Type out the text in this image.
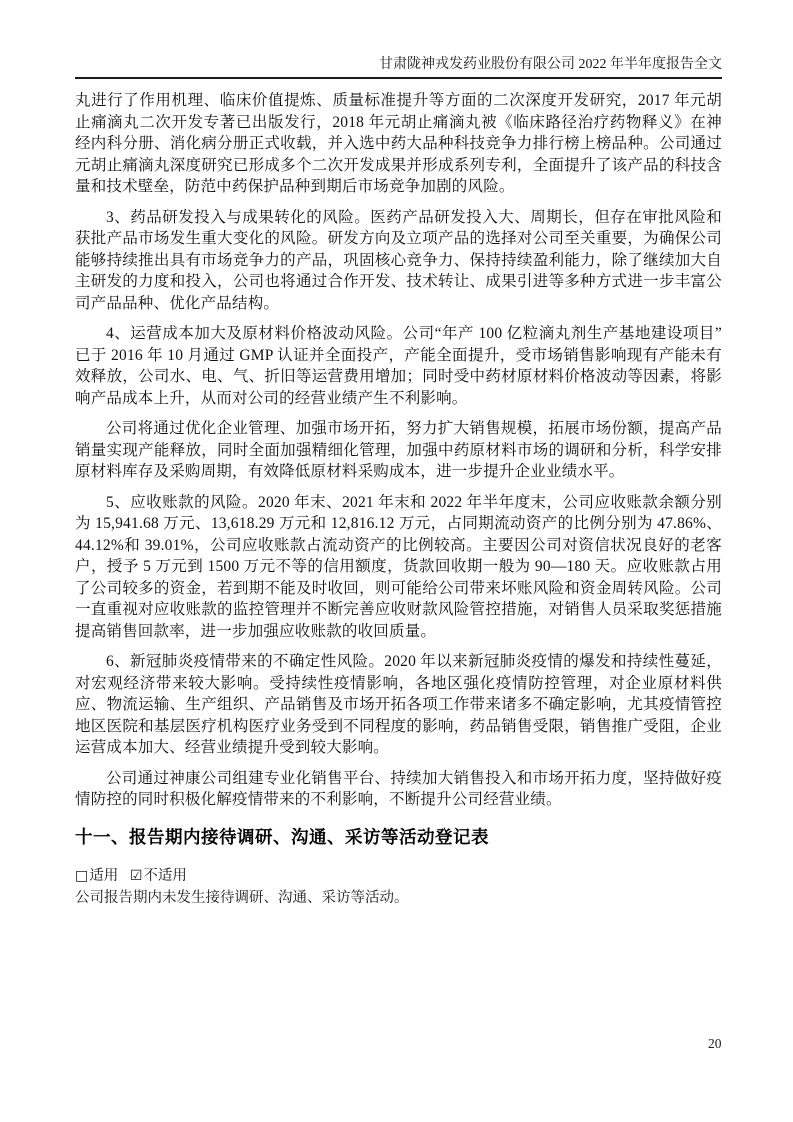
甘肃陇神戎发药业股份有限公司 2022 年半年度报告全文

丸进行了作用机理、临床价值提炼、质量标准提升等方面的二次深度开发研究，2017 年元胡止痛滴丸二次开发专著已出版发行，2018 年元胡止痛滴丸被《临床路径治疗药物释义》在神经内科分册、消化病分册正式收载，并入选中药大品种科技竞争力排行榜上榜品种。公司通过元胡止痛滴丸深度研究已形成多个二次开发成果并形成系列专利，全面提升了该产品的科技含量和技术壁垒，防范中药保护品种到期后市场竞争加剧的风险。

3、药品研发投入与成果转化的风险。医药产品研发投入大、周期长，但存在审批风险和获批产品市场发生重大变化的风险。研发方向及立项产品的选择对公司至关重要，为确保公司能够持续推出具有市场竞争力的产品，巩固核心竞争力、保持持续盈利能力，除了继续加大自主研发的力度和投入，公司也将通过合作开发、技术转让、成果引进等多种方式进一步丰富公司产品品种、优化产品结构。

4、运营成本加大及原材料价格波动风险。公司“年产 100 亿粒滴丸剂生产基地建设项目”已于 2016 年 10 月通过 GMP 认证并全面投产，产能全面提升，受市场销售影响现有产能未有效释放，公司水、电、气、折旧等运营费用增加；同时受中药材原材料价格波动等因素，将影响产品成本上升，从而对公司的经营业绩产生不利影响。

公司将通过优化企业管理、加强市场开拓，努力扩大销售规模，拓展市场份额，提高产品销量实现产能释放，同时全面加强精细化管理，加强中药原材料市场的调研和分析，科学安排原材料库存及采购周期，有效降低原材料采购成本，进一步提升企业业绩水平。

5、应收账款的风险。2020 年末、2021 年末和 2022 年半年度末，公司应收账款余额分别为 15,941.68 万元、13,618.29 万元和 12,816.12 万元，占同期流动资产的比例分别为 47.86%、44.12%和 39.01%，公司应收账款占流动资产的比例较高。主要因公司对资信状况良好的老客户，授予 5 万元到 1500 万元不等的信用额度，货款回收期一般为 90—180 天。应收账款占用了公司较多的资金，若到期不能及时收回，则可能给公司带来坏账风险和资金周转风险。公司一直重视对应收账款的监控管理并不断完善应收财款风险管控措施，对销售人员采取奖惩措施提高销售回款率，进一步加强应收账款的收回质量。

6、新冠肺炎疫情带来的不确定性风险。2020 年以来新冠肺炎疫情的爆发和持续性蔓延，对宏观经济带来较大影响。受持续性疫情影响，各地区强化疫情防控管理，对企业原材料供应、物流运输、生产组织、产品销售及市场开拓各项工作带来诸多不确定影响，尤其疫情管控地区医院和基层医疗机构医疗业务受到不同程度的影响，药品销售受限，销售推广受阻，企业运营成本加大、经营业绩提升受到较大影响。

公司通过神康公司组建专业化销售平台、持续加大销售投入和市场开拓力度，坚持做好疫情防控的同时积极化解疫情带来的不利影响，不断提升公司经营业绩。

十一、报告期内接待调研、沟通、采访等活动登记表
□适用 ☑不适用
公司报告期内未发生接待调研、沟通、采访等活动。
20
